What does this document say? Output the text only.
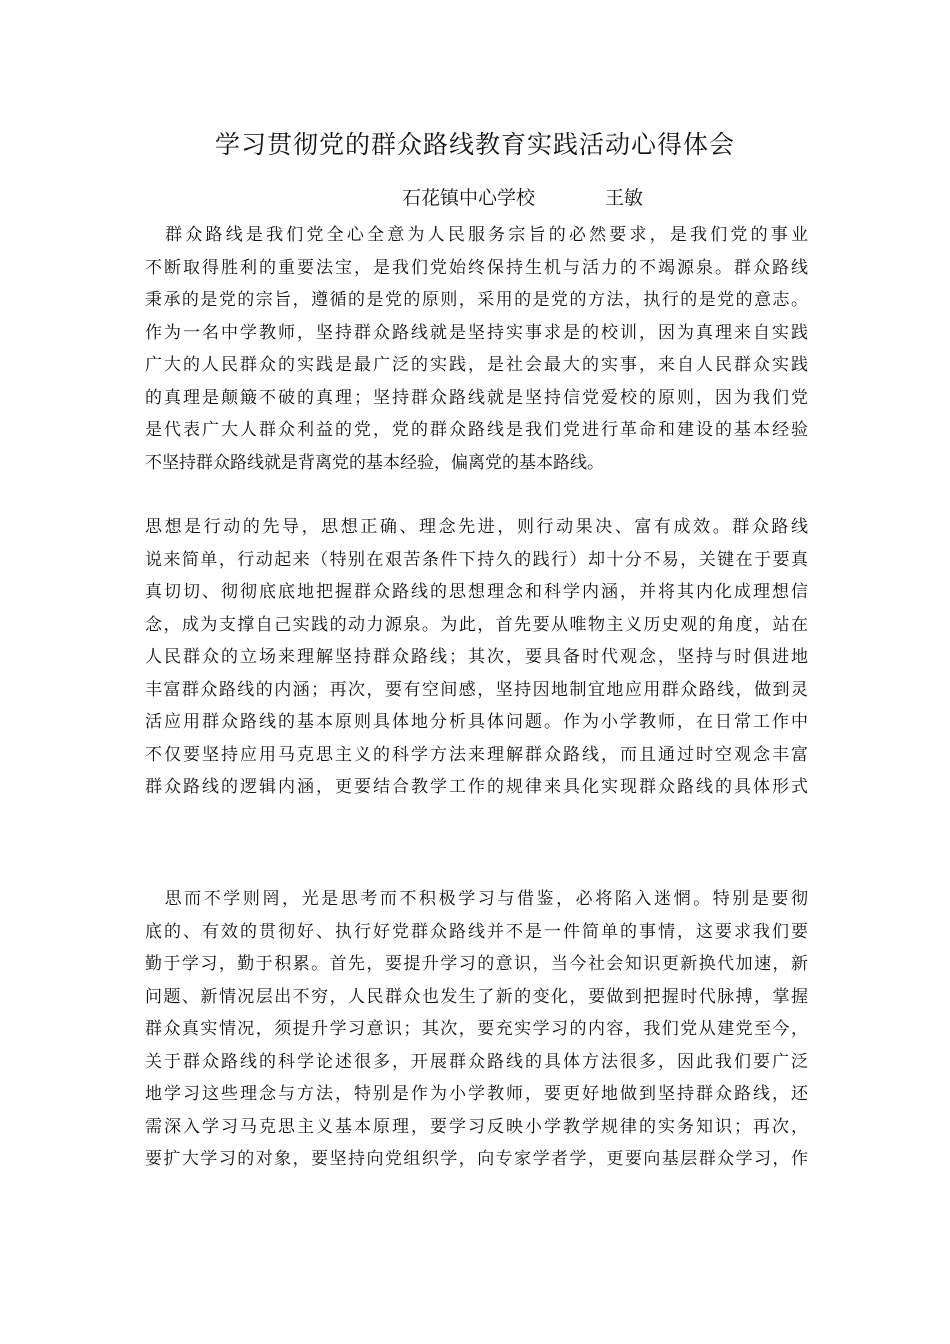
学习贯彻党的群众路线教育实践活动心得体会
石花镇中心学校	王敏
　群众路线是我们党全心全意为人民服务宗旨的必然要求，是我们党的事业
不断取得胜利的重要法宝，是我们党始终保持生机与活力的不竭源泉。群众路线
秉承的是党的宗旨，遵循的是党的原则，采用的是党的方法，执行的是党的意志。
作为一名中学教师，坚持群众路线就是坚持实事求是的校训，因为真理来自实践
广大的人民群众的实践是最广泛的实践，是社会最大的实事，来自人民群众实践
的真理是颠簸不破的真理；坚持群众路线就是坚持信党爱校的原则，因为我们党
是代表广大人群众利益的党，党的群众路线是我们党进行革命和建设的基本经验
不坚持群众路线就是背离党的基本经验，偏离党的基本路线。
思想是行动的先导，思想正确、理念先进，则行动果决、富有成效。群众路线
说来简单，行动起来（特别在艰苦条件下持久的践行）却十分不易，关键在于要真
真切切、彻彻底底地把握群众路线的思想理念和科学内涵，并将其内化成理想信
念，成为支撑自己实践的动力源泉。为此，首先要从唯物主义历史观的角度，站在
人民群众的立场来理解坚持群众路线；其次，要具备时代观念，坚持与时俱进地
丰富群众路线的内涵；再次，要有空间感，坚持因地制宜地应用群众路线，做到灵
活应用群众路线的基本原则具体地分析具体问题。作为小学教师，在日常工作中
不仅要坚持应用马克思主义的科学方法来理解群众路线，而且通过时空观念丰富
群众路线的逻辑内涵，更要结合教学工作的规律来具化实现群众路线的具体形式
　思而不学则罔，光是思考而不积极学习与借鉴，必将陷入迷惘。特别是要彻
底的、有效的贯彻好、执行好党群众路线并不是一件简单的事情，这要求我们要
勤于学习，勤于积累。首先，要提升学习的意识，当今社会知识更新换代加速，新
问题、新情况层出不穷，人民群众也发生了新的变化，要做到把握时代脉搏，掌握
群众真实情况，须提升学习意识；其次，要充实学习的内容，我们党从建党至今，
关于群众路线的科学论述很多，开展群众路线的具体方法很多，因此我们要广泛
地学习这些理念与方法，特别是作为小学教师，要更好地做到坚持群众路线，还
需深入学习马克思主义基本原理，要学习反映小学教学规律的实务知识；再次，
要扩大学习的对象，要坚持向党组织学，向专家学者学，更要向基层群众学习，作
